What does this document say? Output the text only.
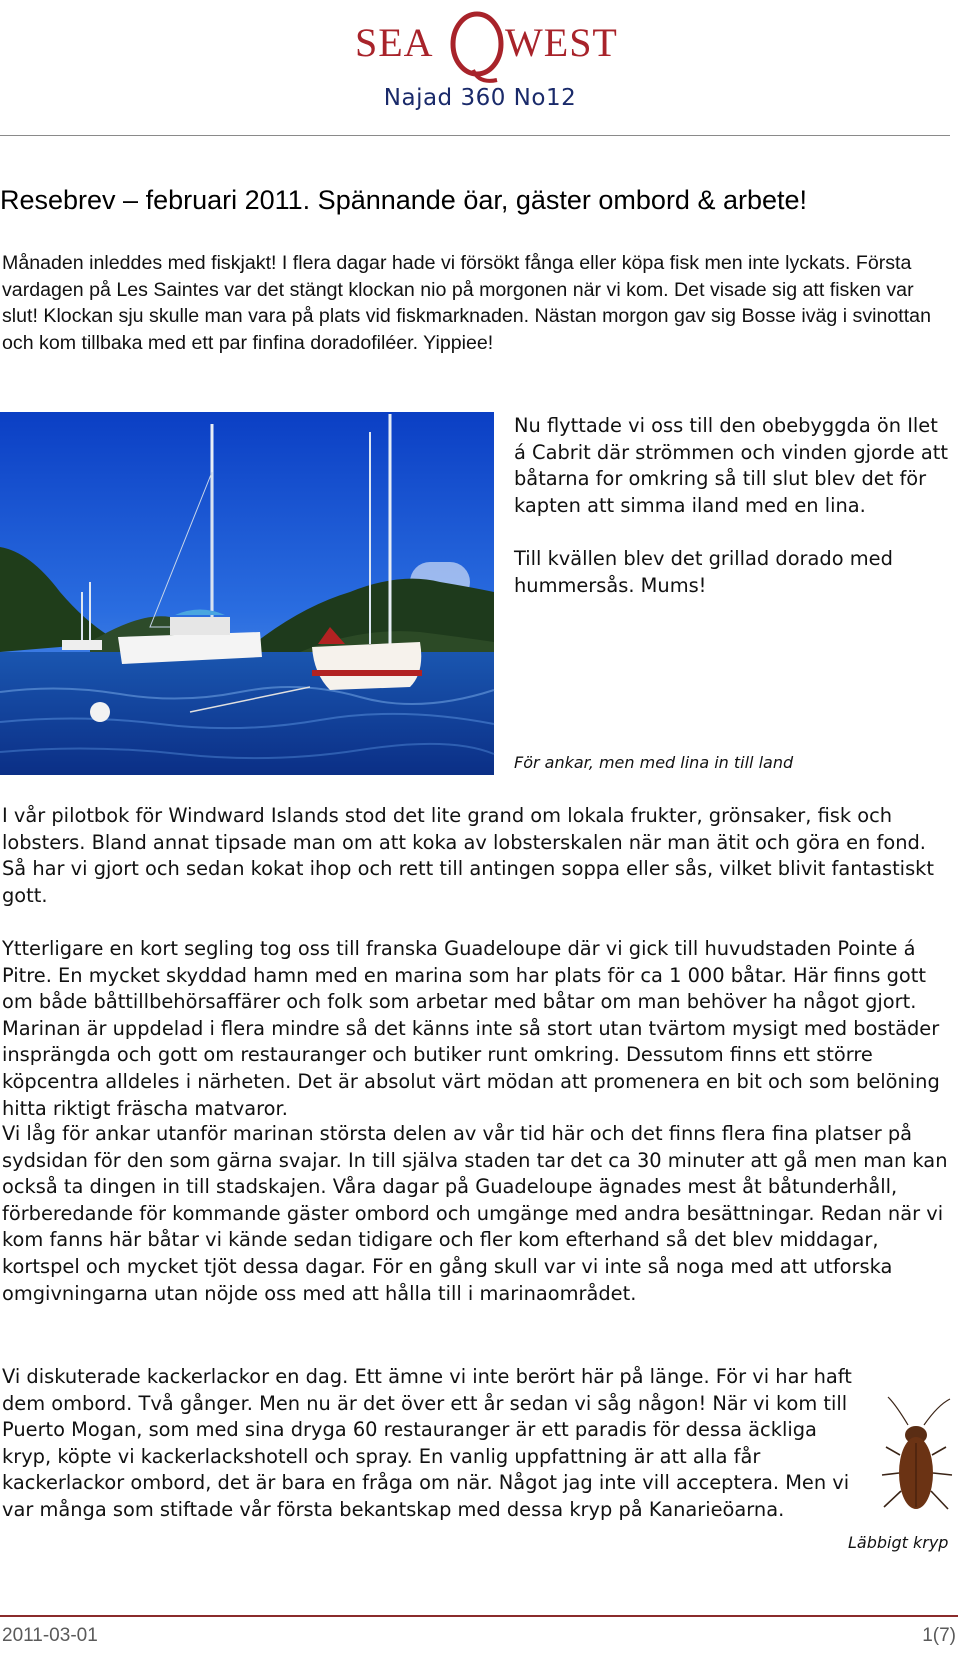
SEA WEST
Najad 360 No12
Resebrev – februari 2011. Spännande öar, gäster ombord & arbete!

Månaden inleddes med fiskjakt! I flera dagar hade vi försökt fånga eller köpa fisk men inte lyckats. Första vardagen på Les Saintes var det stängt klockan nio på morgonen när vi kom. Det visade sig att fisken var slut! Klockan sju skulle man vara på plats vid fiskmarknaden. Nästan morgon gav sig Bosse iväg i svinottan och kom tillbaka med ett par finfina doradofiléer. Yippiee!

Nu flyttade vi oss till den obebyggda ön Ilet á Cabrit där strömmen och vinden gjorde att båtarna for omkring så till slut blev det för kapten att simma iland med en lina.

Till kvällen blev det grillad dorado med hummersås. Mums!

För ankar, men med lina in till land

I vår pilotbok för Windward Islands stod det lite grand om lokala frukter, grönsaker, fisk och lobsters. Bland annat tipsade man om att koka av lobsterskalen när man ätit och göra en fond. Så har vi gjort och sedan kokat ihop och rett till antingen soppa eller sås, vilket blivit fantastiskt gott.

Ytterligare en kort segling tog oss till franska Guadeloupe där vi gick till huvudstaden Pointe á Pitre. En mycket skyddad hamn med en marina som har plats för ca 1 000 båtar. Här finns gott om både båttillbehörsaffärer och folk som arbetar med båtar om man behöver ha något gjort. Marinan är uppdelad i flera mindre så det känns inte så stort utan tvärtom mysigt med bostäder insprängda och gott om restauranger och butiker runt omkring. Dessutom finns ett större köpcentra alldeles i närheten. Det är absolut värt mödan att promenera en bit och som belöning hitta riktigt fräscha matvaror.

Vi låg för ankar utanför marinan största delen av vår tid här och det finns flera fina platser på sydsidan för den som gärna svajar. In till själva staden tar det ca 30 minuter att gå men man kan också ta dingen in till stadskajen. Våra dagar på Guadeloupe ägnades mest åt båtunderhåll, förberedande för kommande gäster ombord och umgänge med andra besättningar. Redan när vi kom fanns här båtar vi kände sedan tidigare och fler kom efterhand så det blev middagar, kortspel och mycket tjöt dessa dagar. För en gång skull var vi inte så noga med att utforska omgivningarna utan nöjde oss med att hålla till i marinaområdet.

Vi diskuterade kackerlackor en dag. Ett ämne vi inte berört här på länge. För vi har haft dem ombord. Två gånger. Men nu är det över ett år sedan vi såg någon! När vi kom till Puerto Mogan, som med sina dryga 60 restauranger är ett paradis för dessa äckliga kryp, köpte vi kackerlackshotell och spray. En vanlig uppfattning är att alla får kackerlackor ombord, det är bara en fråga om när. Något jag inte vill acceptera. Men vi var många som stiftade vår första bekantskap med dessa kryp på Kanarieöarna.

Läbbigt kryp
2011-03-01	1(7)
